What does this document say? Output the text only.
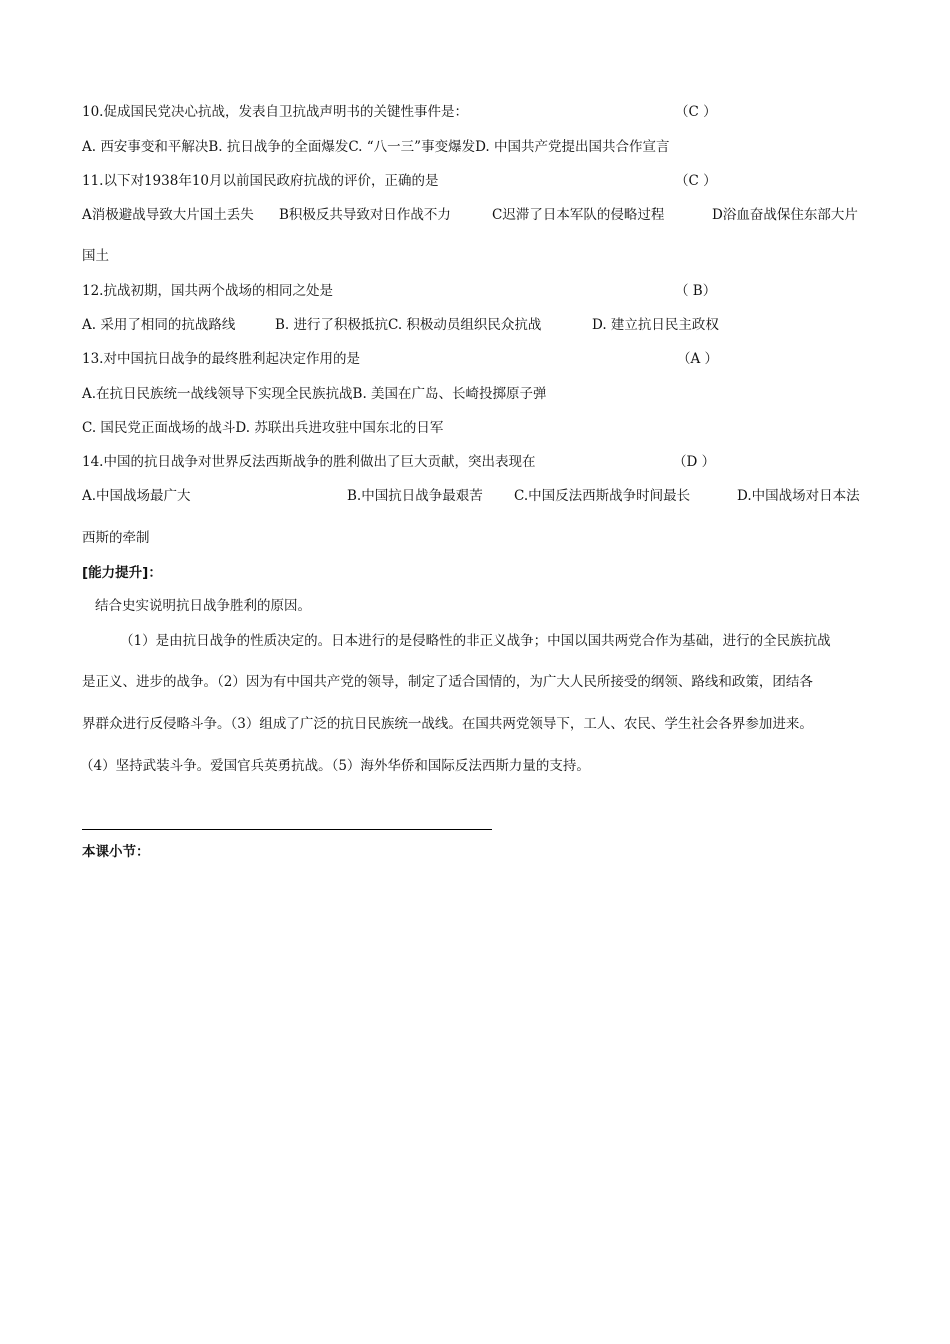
10.促成国民党决心抗战，发表自卫抗战声明书的关键性事件是：	（C ）
A. 西安事变和平解决B. 抗日战争的全面爆发C. “八一三”事变爆发D. 中国共产党提出国共合作宣言
11.以下对1938年10月以前国民政府抗战的评价，正确的是	（C ）
A消极避战导致大片国土丢失 B积极反共导致对日作战不力	C迟滞了日本军队的侵略过程	D浴血奋战保住东部大片
国土
12.抗战初期，国共两个战场的相同之处是	（ B）
A. 采用了相同的抗战路线	B. 进行了积极抵抗C. 积极动员组织民众抗战	D. 建立抗日民主政权
13.对中国抗日战争的最终胜利起决定作用的是	（A ）
A.在抗日民族统一战线领导下实现全民族抗战B. 美国在广岛、长崎投掷原子弹
C. 国民党正面战场的战斗D. 苏联出兵进攻驻中国东北的日军
14.中国的抗日战争对世界反法西斯战争的胜利做出了巨大贡献，突出表现在	（D ）
A.中国战场最广大	B.中国抗日战争最艰苦 C.中国反法西斯战争时间最长	D.中国战场对日本法
西斯的牵制
[能力提升]：
结合史实说明抗日战争胜利的原因。
（1）是由抗日战争的性质决定的。日本进行的是侵略性的非正义战争；中国以国共两党合作为基础，进行的全民族抗战
是正义、进步的战争。（2）因为有中国共产党的领导，制定了适合国情的，为广大人民所接受的纲领、路线和政策，团结各
界群众进行反侵略斗争。（3）组成了广泛的抗日民族统一战线。在国共两党领导下，工人、农民、学生社会各界参加进来。
（4）坚持武装斗争。爱国官兵英勇抗战。（5）海外华侨和国际反法西斯力量的支持。
本课小节：
